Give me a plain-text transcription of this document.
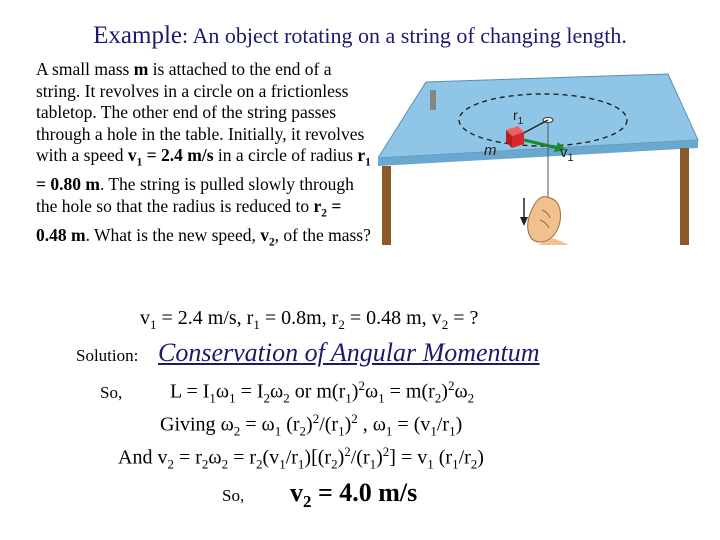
Example: An object rotating on a string of changing length.
A small mass m is attached to the end of a string. It revolves in a circle on a frictionless tabletop. The other end of the string passes through a hole in the table. Initially, it revolves with a speed $v_1 = 2.4$ m/s in a circle of radius $r_1 = 0.80$ m. The string is pulled slowly through the hole so that the radius is reduced to $r_2 = 0.48$ m. What is the new speed, $v_2$, of the mass?
$r_1$
m	$v_1$
$v_1 = 2.4$ m/s, $r_1 = 0.8m$, $r_2 = 0.48$ m, $v_2$ = ?
Solution: Conservation of Angular Momentum
So, $L = I_1\omega_1 = I_2\omega_2$ or $m(r_1)^2\omega_1 = m(r_2)^2\omega_2$
Giving $\omega_2 = \omega_1$ $(r_2)^2/(r_1)^2$ , $\omega_1 = (v_1/r_1)$
And $v_2 = r_2\omega_2 = r_2(v_1/r_1)[(r_2)^2/(r_1)^2] = v_1$ $(r_1/r_2)$
So, $v_2 = 4.0$ m/s
